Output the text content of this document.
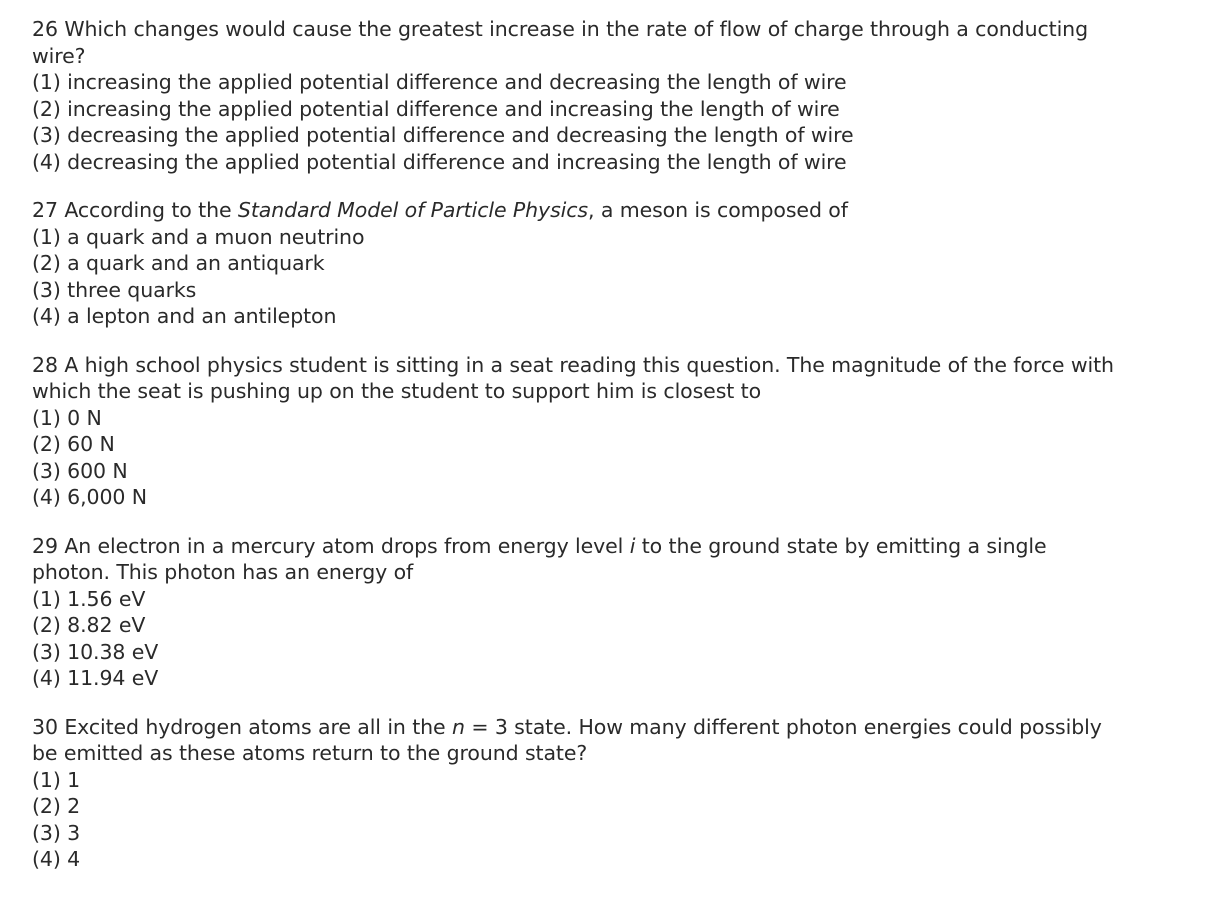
26 Which changes would cause the greatest increase in the rate of flow of charge through a conducting
wire?
(1) increasing the applied potential difference and decreasing the length of wire
(2) increasing the applied potential difference and increasing the length of wire
(3) decreasing the applied potential difference and decreasing the length of wire
(4) decreasing the applied potential difference and increasing the length of wire
27 According to the Standard Model of Particle Physics, a meson is composed of
(1) a quark and a muon neutrino
(2) a quark and an antiquark
(3) three quarks
(4) a lepton and an antilepton
28 A high school physics student is sitting in a seat reading this question. The magnitude of the force with
which the seat is pushing up on the student to support him is closest to
(1) 0 N
(2) 60 N
(3) 600 N
(4) 6,000 N
29 An electron in a mercury atom drops from energy level i to the ground state by emitting a single
photon. This photon has an energy of
(1) 1.56 eV
(2) 8.82 eV
(3) 10.38 eV
(4) 11.94 eV
30 Excited hydrogen atoms are all in the n = 3 state. How many different photon energies could possibly
be emitted as these atoms return to the ground state?
(1) 1
(2) 2
(3) 3
(4) 4
